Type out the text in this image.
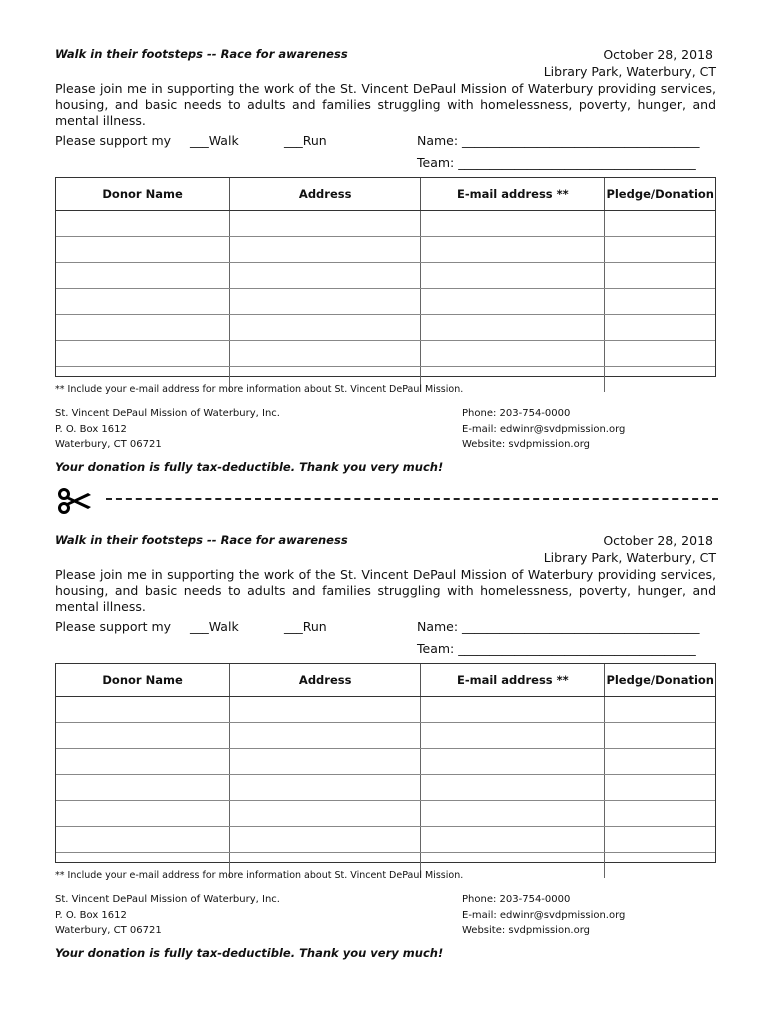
Walk in their footsteps -- Race for awareness	October 28, 2018
Library Park, Waterbury, CT
Please join me in supporting the work of the St. Vincent DePaul Mission of Waterbury providing services, housing, and basic needs to adults and families struggling with homelessness, poverty, hunger, and mental illness.
Please support my ___Walk	___Run	Name: ______________________________________
Team: ______________________________________
Donor Name	Address	E-mail address **	Pledge/Donation

** Include your e-mail address for more information about St. Vincent DePaul Mission.
St. Vincent DePaul Mission of Waterbury, Inc.
P. O. Box 1612
Waterbury, CT 06721
Phone: 203-754-0000
E-mail: edwinr@svdpmission.org
Website: svdpmission.org
Your donation is fully tax-deductible. Thank you very much!
Walk in their footsteps -- Race for awareness	October 28, 2018
Library Park, Waterbury, CT
Please join me in supporting the work of the St. Vincent DePaul Mission of Waterbury providing services, housing, and basic needs to adults and families struggling with homelessness, poverty, hunger, and mental illness.
Please support my ___Walk	___Run	Name: ______________________________________
Team: ______________________________________
Donor Name	Address	E-mail address **	Pledge/Donation

** Include your e-mail address for more information about St. Vincent DePaul Mission.
St. Vincent DePaul Mission of Waterbury, Inc.
P. O. Box 1612
Waterbury, CT 06721
Phone: 203-754-0000
E-mail: edwinr@svdpmission.org
Website: svdpmission.org
Your donation is fully tax-deductible. Thank you very much!
